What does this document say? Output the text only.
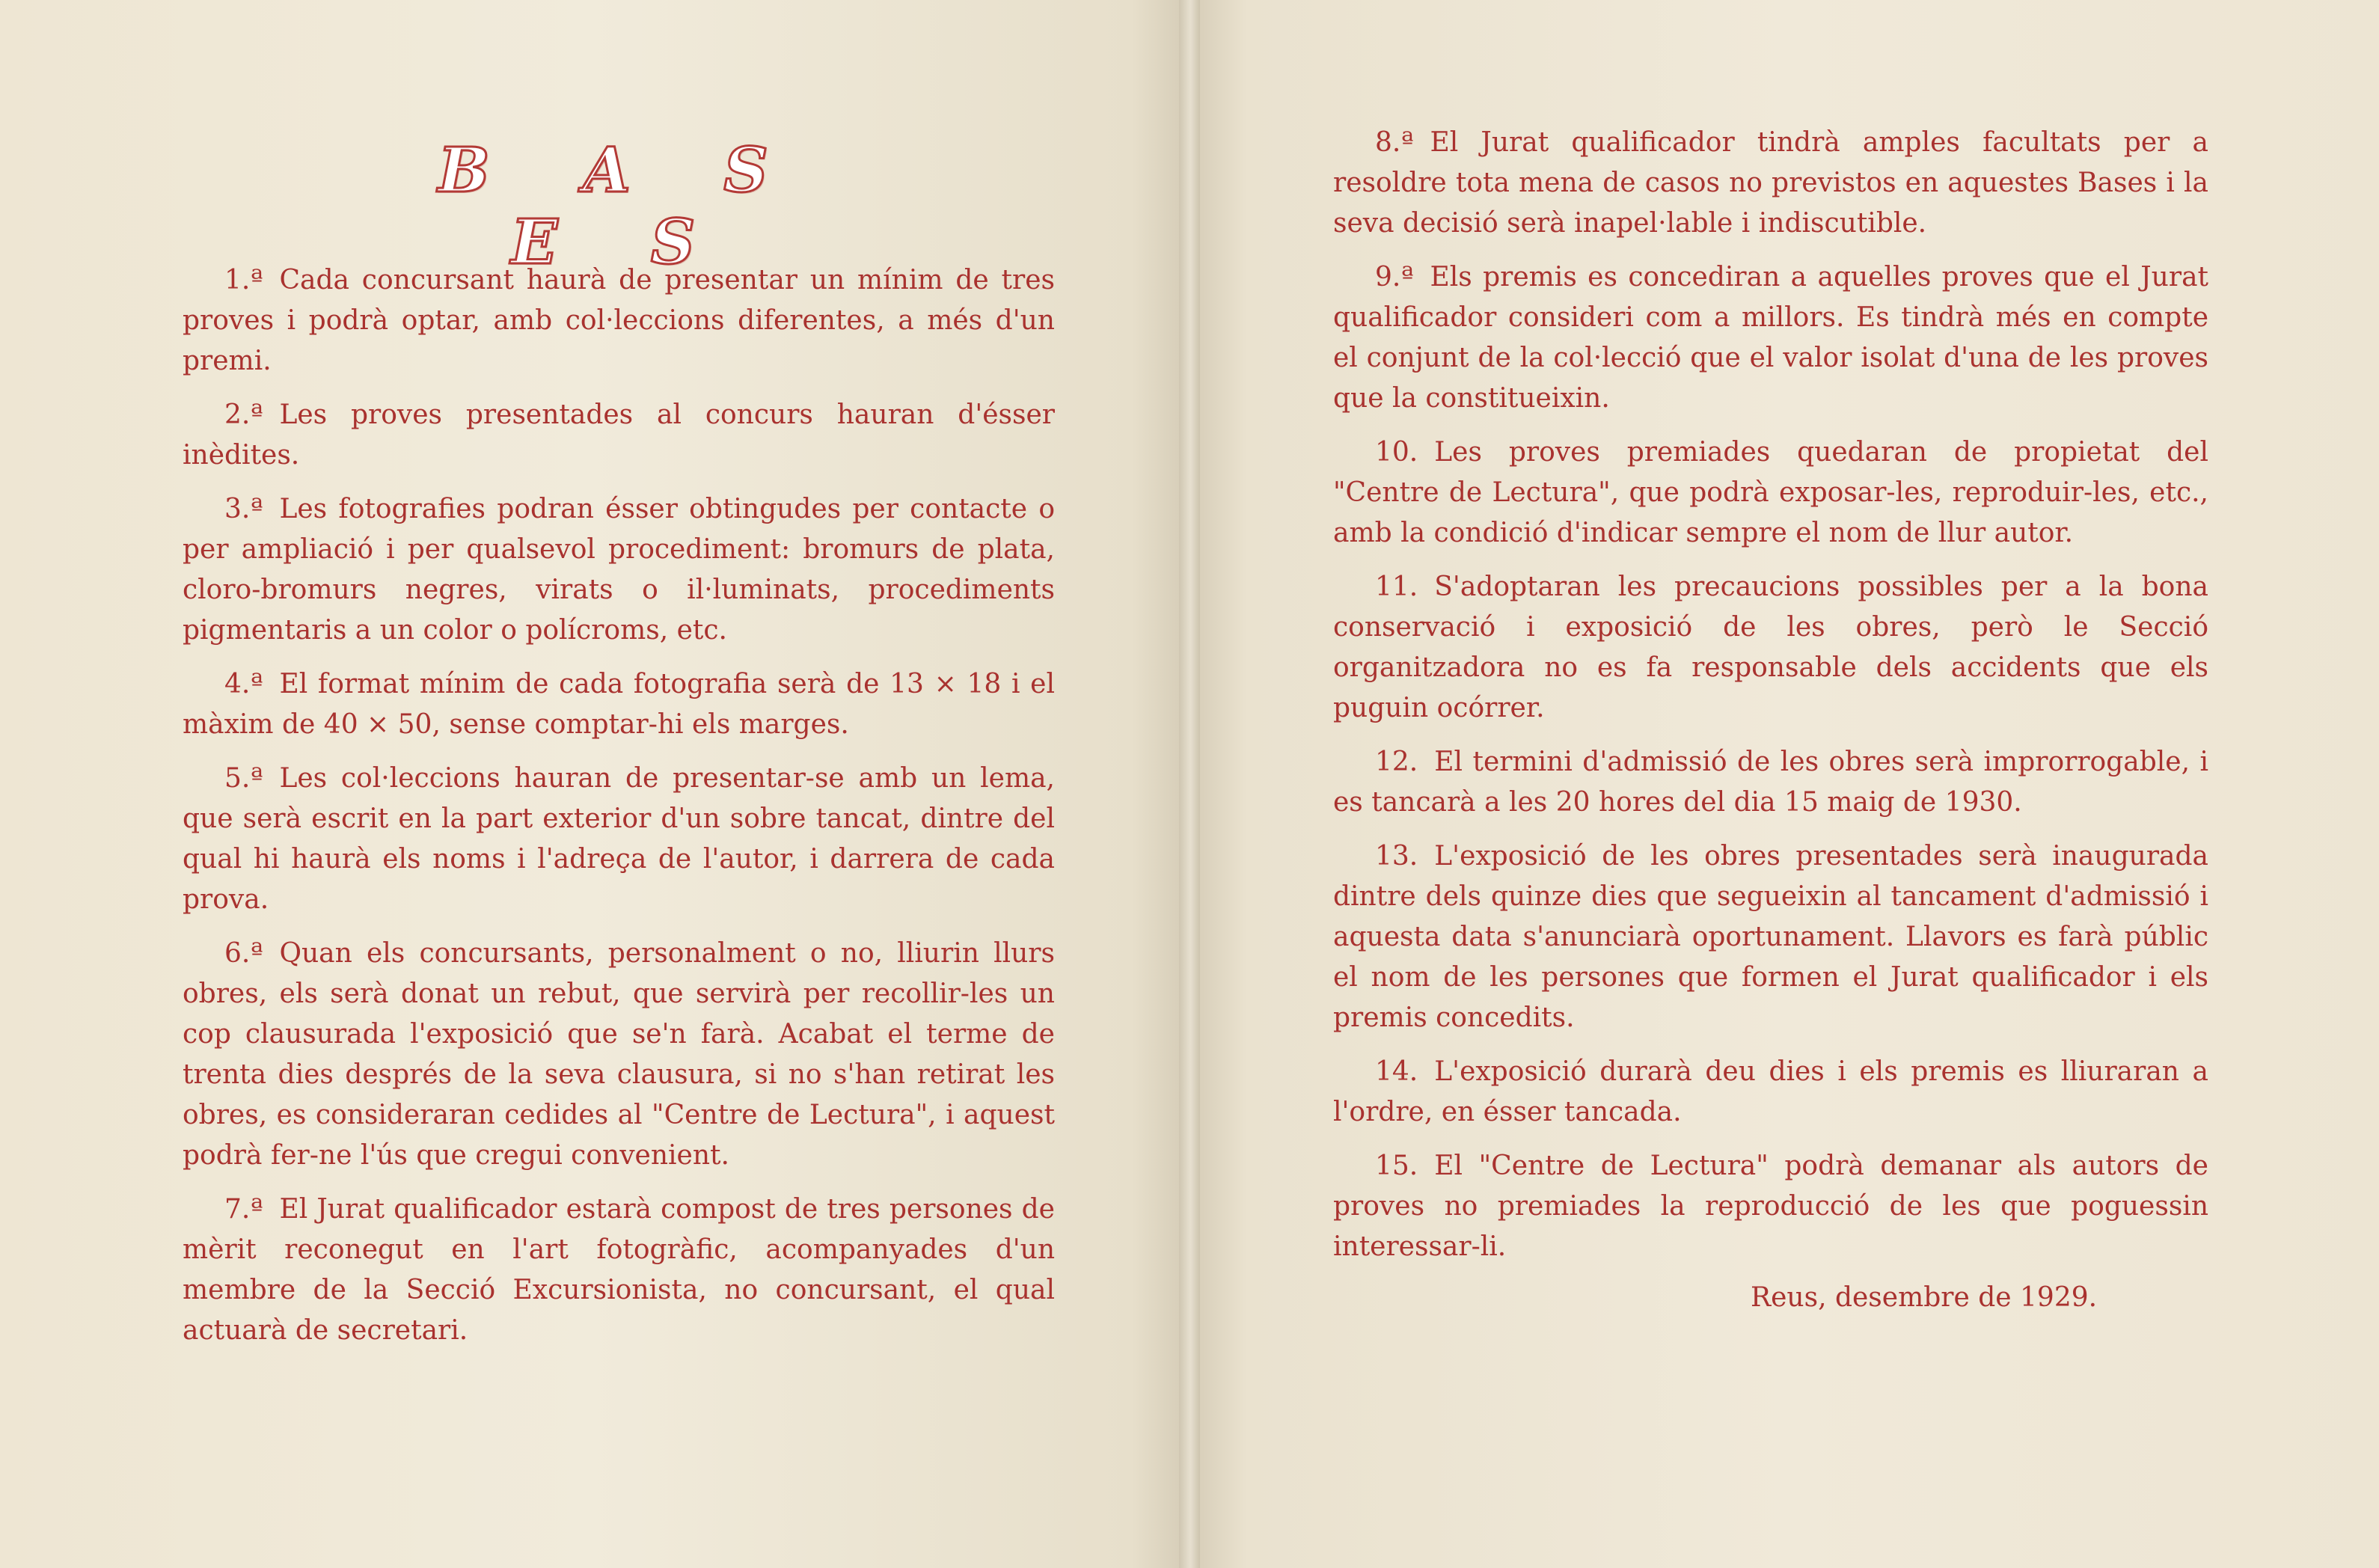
B A S E S

1.ª Cada concursant haurà de presentar un mínim de tres proves i podrà optar, amb col·leccions diferentes, a més d'un premi.

2.ª Les proves presentades al concurs hauran d'ésser inèdites.

3.ª Les fotografies podran ésser obtingudes per contacte o per ampliació i per qualsevol procediment: bromurs de plata, cloro-bromurs negres, virats o il·luminats, procediments pigmentaris a un color o polícroms, etc.

4.ª El format mínim de cada fotografia serà de 13 × 18 i el màxim de 40 × 50, sense comptar-hi els marges.

5.ª Les col·leccions hauran de presentar-se amb un lema, que serà escrit en la part exterior d'un sobre tancat, dintre del qual hi haurà els noms i l'adreça de l'autor, i darrera de cada prova.

6.ª Quan els concursants, personalment o no, lliurin llurs obres, els serà donat un rebut, que servirà per recollir-les un cop clausurada l'exposició que se'n farà. Acabat el terme de trenta dies després de la seva clausura, si no s'han retirat les obres, es consideraran cedides al "Centre de Lectura", i aquest podrà fer-ne l'ús que cregui convenient.

7.ª El Jurat qualificador estarà compost de tres persones de mèrit reconegut en l'art fotogràfic, acompanyades d'un membre de la Secció Excursionista, no concursant, el qual actuarà de secretari.

8.ª El Jurat qualificador tindrà amples facultats per a resoldre tota mena de casos no previstos en aquestes Bases i la seva decisió serà inapel·lable i indiscutible.

9.ª Els premis es concediran a aquelles proves que el Jurat qualificador consideri com a millors. Es tindrà més en compte el conjunt de la col·lecció que el valor isolat d'una de les proves que la constitueixin.

10. Les proves premiades quedaran de propietat del "Centre de Lectura", que podrà exposar-les, reproduir-les, etc., amb la condició d'indicar sempre el nom de llur autor.

11. S'adoptaran les precaucions possibles per a la bona conservació i exposició de les obres, però le Secció organitzadora no es fa responsable dels accidents que els puguin ocórrer.

12. El termini d'admissió de les obres serà improrrogable, i es tancarà a les 20 hores del dia 15 maig de 1930.

13. L'exposició de les obres presentades serà inaugurada dintre dels quinze dies que segueixin al tancament d'admissió i aquesta data s'anunciarà oportunament. Llavors es farà públic el nom de les persones que formen el Jurat qualificador i els premis concedits.

14. L'exposició durarà deu dies i els premis es lliuraran a l'ordre, en ésser tancada.

15. El "Centre de Lectura" podrà demanar als autors de proves no premiades la reproducció de les que poguessin interessar-li.

Reus, desembre de 1929.
